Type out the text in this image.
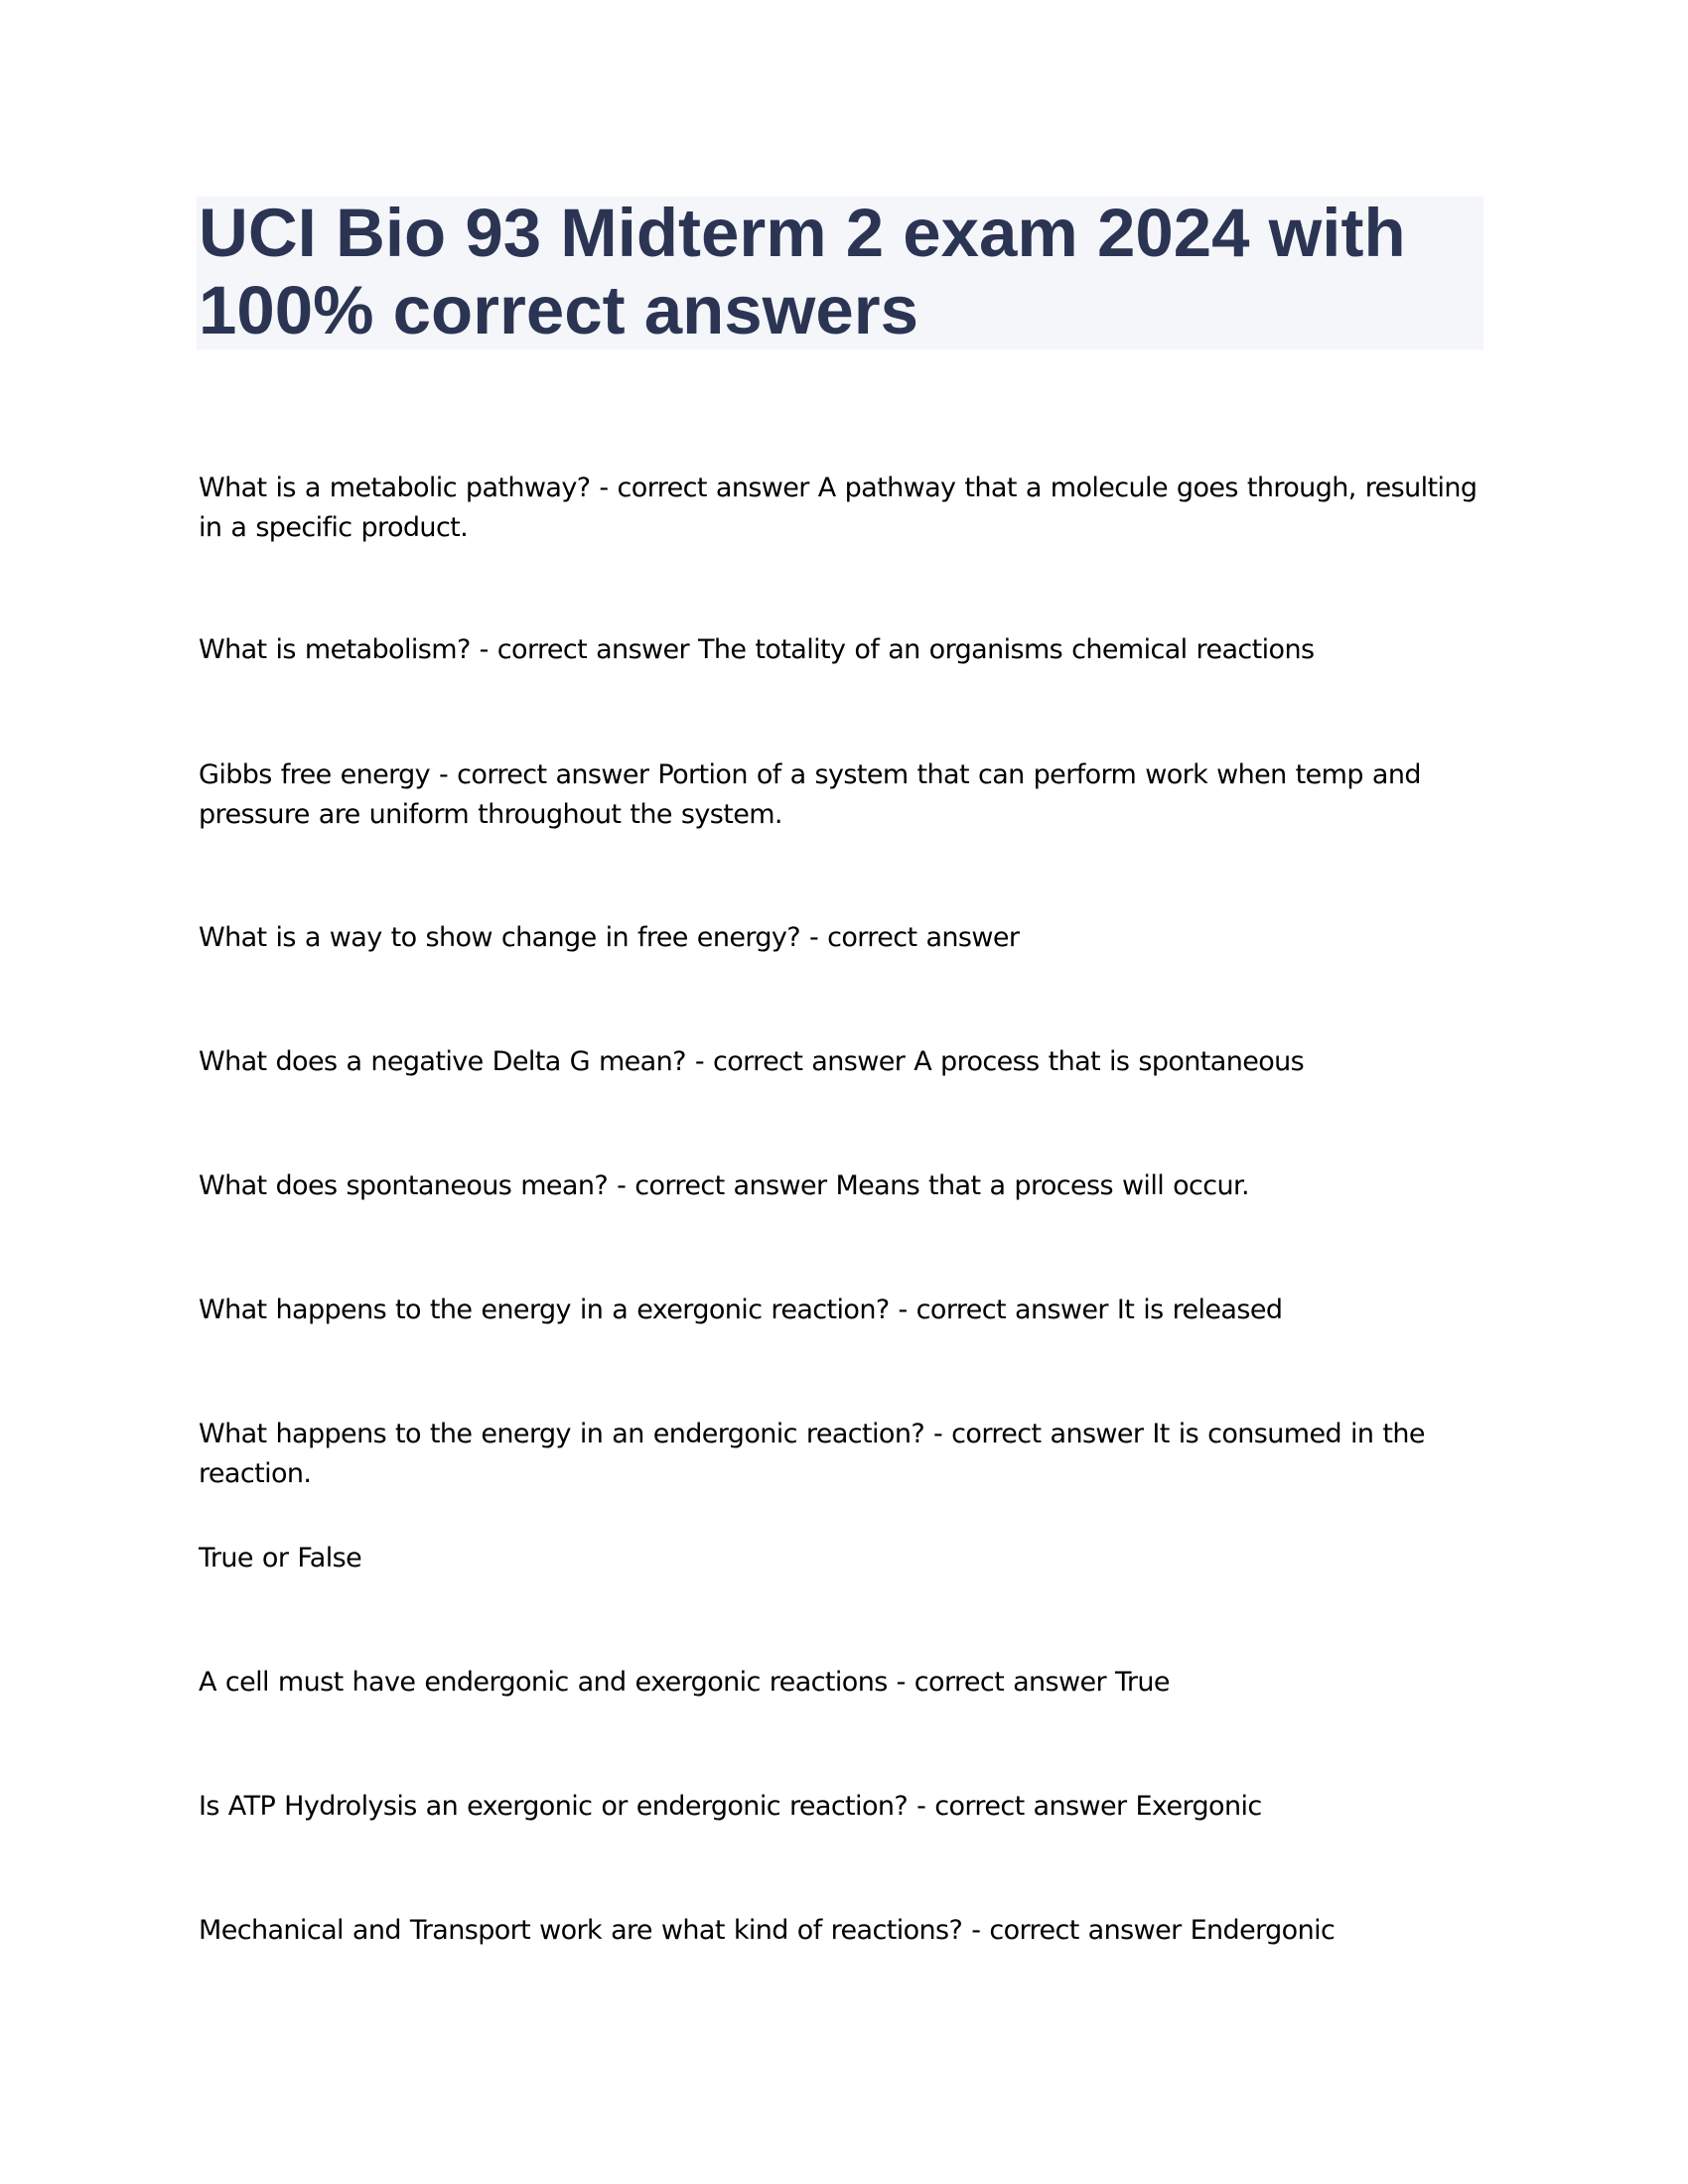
UCI Bio 93 Midterm 2 exam 2024 with 100% correct answers

What is a metabolic pathway? - correct answer A pathway that a molecule goes through, resulting in a specific product.

What is metabolism? - correct answer The totality of an organisms chemical reactions

Gibbs free energy - correct answer Portion of a system that can perform work when temp and pressure are uniform throughout the system.

What is a way to show change in free energy? - correct answer

What does a negative Delta G mean? - correct answer A process that is spontaneous

What does spontaneous mean? - correct answer Means that a process will occur.

What happens to the energy in a exergonic reaction? - correct answer It is released

What happens to the energy in an endergonic reaction? - correct answer It is consumed in the reaction.

True or False

A cell must have endergonic and exergonic reactions - correct answer True

Is ATP Hydrolysis an exergonic or endergonic reaction? - correct answer Exergonic

Mechanical and Transport work are what kind of reactions? - correct answer Endergonic
